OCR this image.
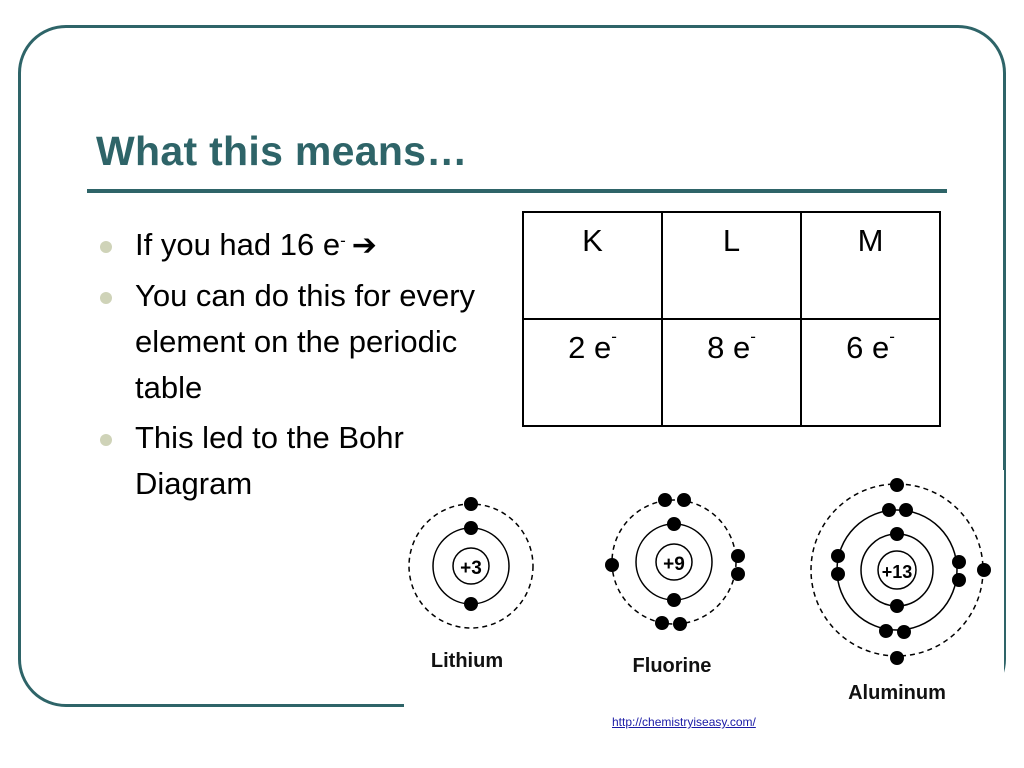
What this means…
If you had 16 e- ➔
You can do this for every element on the periodic table
This led to the Bohr Diagram
K	L	M
2 e-	8 e-	6 e-
+3
Lithium
+9
Fluorine
+13
Aluminum
http://chemistryiseasy.com/
